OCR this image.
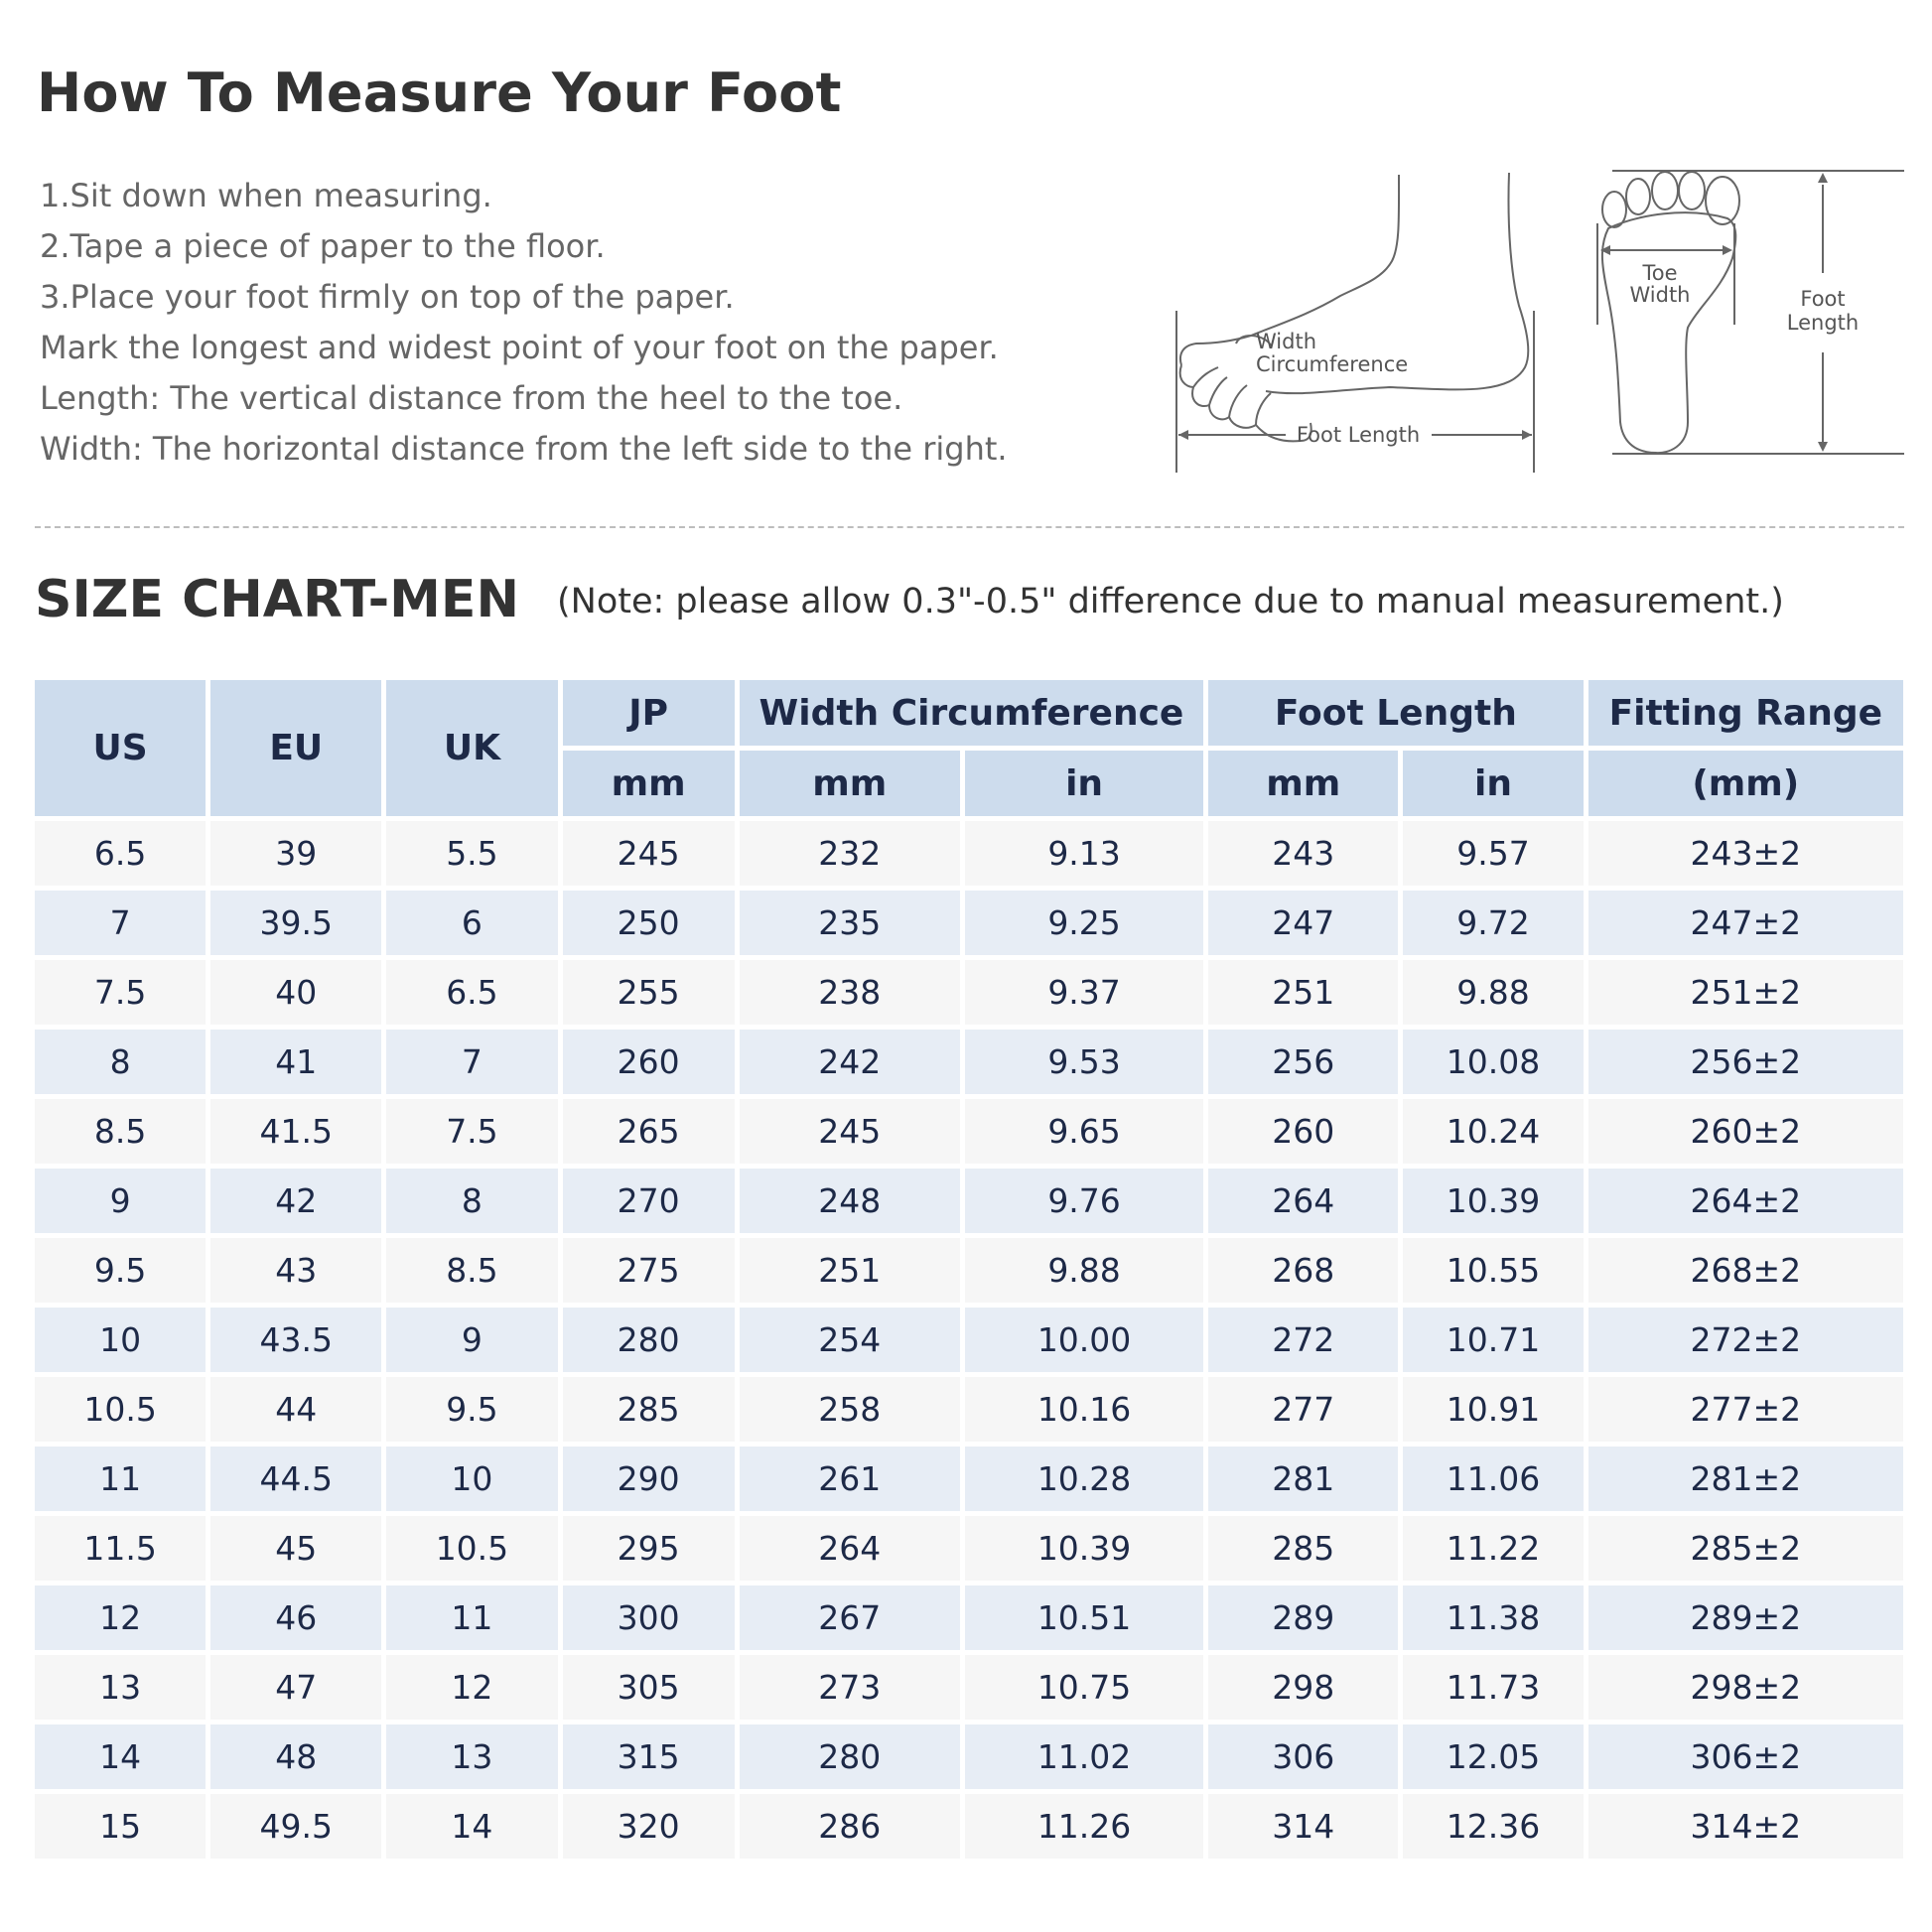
How To Measure Your Foot
1.Sit down when measuring.
2.Tape a piece of paper to the floor.
3.Place your foot firmly on top of the paper.
Mark the longest and widest point of your foot on the paper.
Length: The vertical distance from the heel to the toe.
Width: The horizontal distance from the left side to the right.
Width
Circumference
Foot Length
Toe
Width	Foot
Length
SIZE CHART-MEN (Note: please allow 0.3"-0.5" difference due to manual measurement.)
US	EU	UK	JP	Width Circumference		Foot Length		Fitting Range
			mm	mm	in	mm	in	(mm)
6.5	39	5.5	245	232	9.13	243	9.57	243±2
7	39.5	6	250	235	9.25	247	9.72	247±2
7.5	40	6.5	255	238	9.37	251	9.88	251±2
8	41	7	260	242	9.53	256	10.08	256±2
8.5	41.5	7.5	265	245	9.65	260	10.24	260±2
9	42	8	270	248	9.76	264	10.39	264±2
9.5	43	8.5	275	251	9.88	268	10.55	268±2
10	43.5	9	280	254	10.00	272	10.71	272±2
10.5	44	9.5	285	258	10.16	277	10.91	277±2
11	44.5	10	290	261	10.28	281	11.06	281±2
11.5	45	10.5	295	264	10.39	285	11.22	285±2
12	46	11	300	267	10.51	289	11.38	289±2
13	47	12	305	273	10.75	298	11.73	298±2
14	48	13	315	280	11.02	306	12.05	306±2
15	49.5	14	320	286	11.26	314	12.36	314±2
